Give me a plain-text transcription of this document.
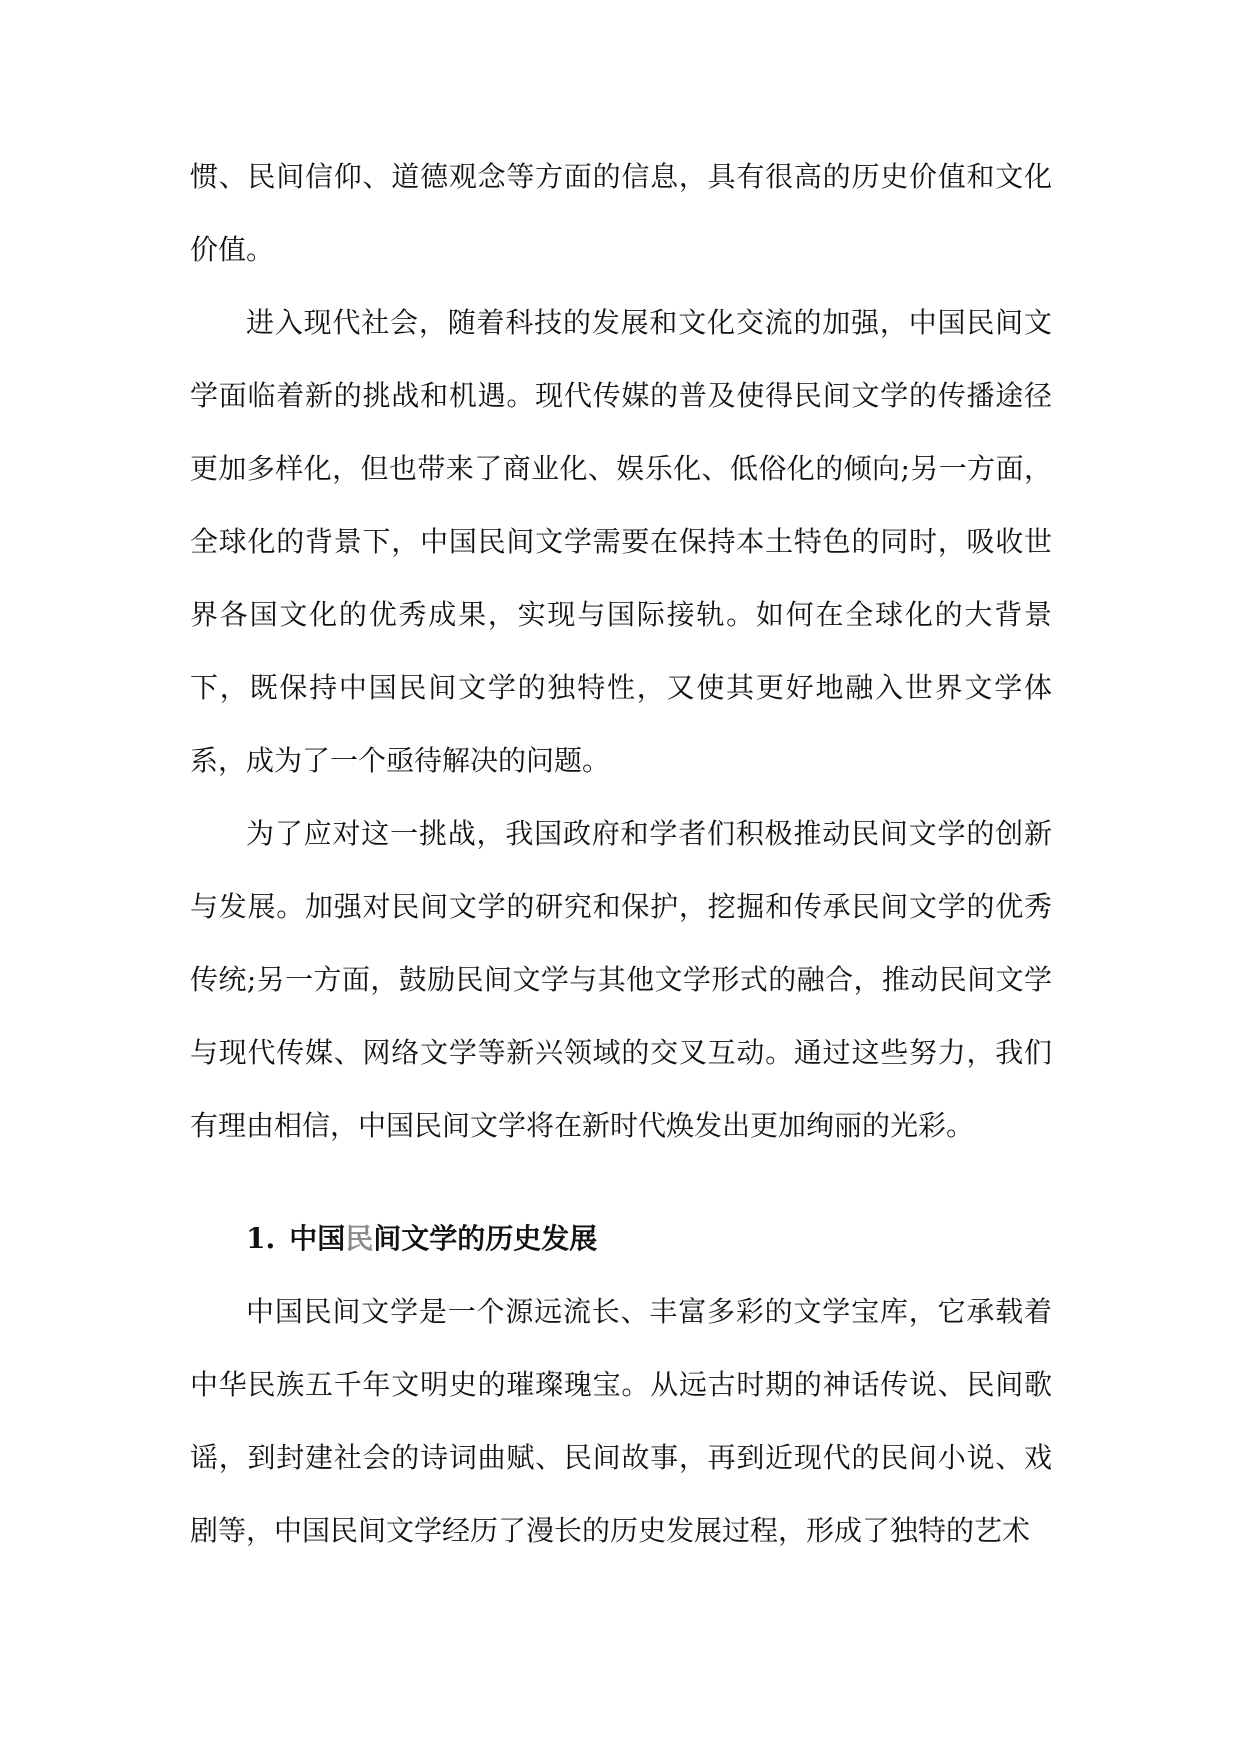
惯、民间信仰、道德观念等方面的信息，具有很高的历史价值和文化价值。

进入现代社会，随着科技的发展和文化交流的加强，中国民间文学面临着新的挑战和机遇。现代传媒的普及使得民间文学的传播途径更加多样化，但也带来了商业化、娱乐化、低俗化的倾向;另一方面，全球化的背景下，中国民间文学需要在保持本土特色的同时，吸收世界各国文化的优秀成果，实现与国际接轨。如何在全球化的大背景下，既保持中国民间文学的独特性，又使其更好地融入世界文学体系，成为了一个亟待解决的问题。

为了应对这一挑战，我国政府和学者们积极推动民间文学的创新与发展。加强对民间文学的研究和保护，挖掘和传承民间文学的优秀传统;另一方面，鼓励民间文学与其他文学形式的融合，推动民间文学与现代传媒、网络文学等新兴领域的交叉互动。通过这些努力，我们有理由相信，中国民间文学将在新时代焕发出更加绚丽的光彩。

1. 中国民间文学的历史发展

中国民间文学是一个源远流长、丰富多彩的文学宝库，它承载着中华民族五千年文明史的璀璨瑰宝。从远古时期的神话传说、民间歌谣，到封建社会的诗词曲赋、民间故事，再到近现代的民间小说、戏剧等，中国民间文学经历了漫长的历史发展过程，形成了独特的艺术
